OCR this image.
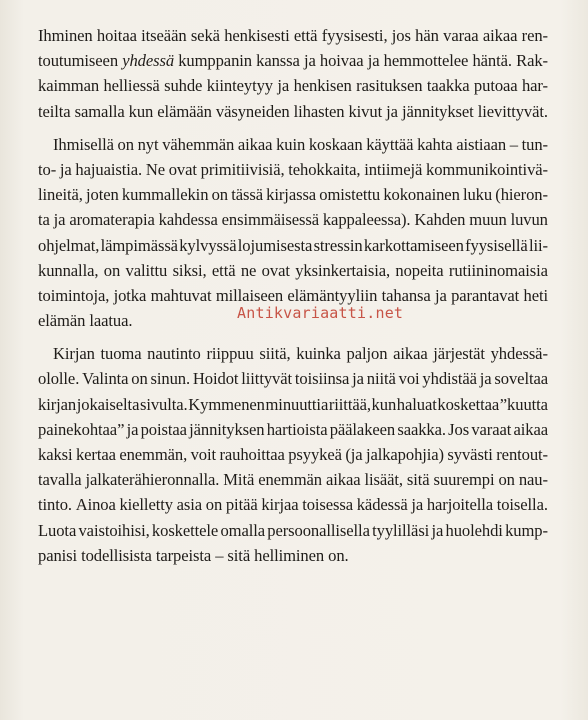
Ihminen hoitaa itseään sekä henkisesti että fyysisesti, jos hän varaa aikaa ren-
toutumiseen yhdessä kumppanin kanssa ja hoivaa ja hemmottelee häntä. Rak-
kaimman helliessä suhde kiinteytyy ja henkisen rasituksen taakka putoaa har-
teilta samalla kun elämään väsyneiden lihasten kivut ja jännitykset lievittyvät.
Ihmisellä on nyt vähemmän aikaa kuin koskaan käyttää kahta aistiaan – tun-
to- ja hajuaistia. Ne ovat primitiivisiä, tehokkaita, intiimejä kommunikointivä-
lineitä, joten kummallekin on tässä kirjassa omistettu kokonainen luku (hieron-
ta ja aromaterapia kahdessa ensimmäisessä kappaleessa). Kahden muun luvun
ohjelmat, lämpimässä kylvyssä lojumisesta stressin karkottamiseen fyysisellä lii-
kunnalla, on valittu siksi, että ne ovat yksinkertaisia, nopeita rutiininomaisia
toimintoja, jotka mahtuvat millaiseen elämäntyyliin tahansa ja parantavat heti
elämän laatua.
Kirjan tuoma nautinto riippuu siitä, kuinka paljon aikaa järjestät yhdessä-
ololle. Valinta on sinun. Hoidot liittyvät toisiinsa ja niitä voi yhdistää ja soveltaa
kirjan jokaiselta sivulta. Kymmenen minuuttia riittää, kun haluat koskettaa ”kuutta
painekohtaa” ja poistaa jännityksen hartioista päälakeen saakka. Jos varaat aikaa
kaksi kertaa enemmän, voit rauhoittaa psyykeä (ja jalkapohjia) syvästi rentout-
tavalla jalkaterähieronnalla. Mitä enemmän aikaa lisäät, sitä suurempi on nau-
tinto. Ainoa kielletty asia on pitää kirjaa toisessa kädessä ja harjoitella toisella.
Luota vaistoihisi, koskettele omalla persoonallisella tyylilläsi ja huolehdi kump-
panisi todellisista tarpeista – sitä helliminen on.
Antikvariaatti.net
